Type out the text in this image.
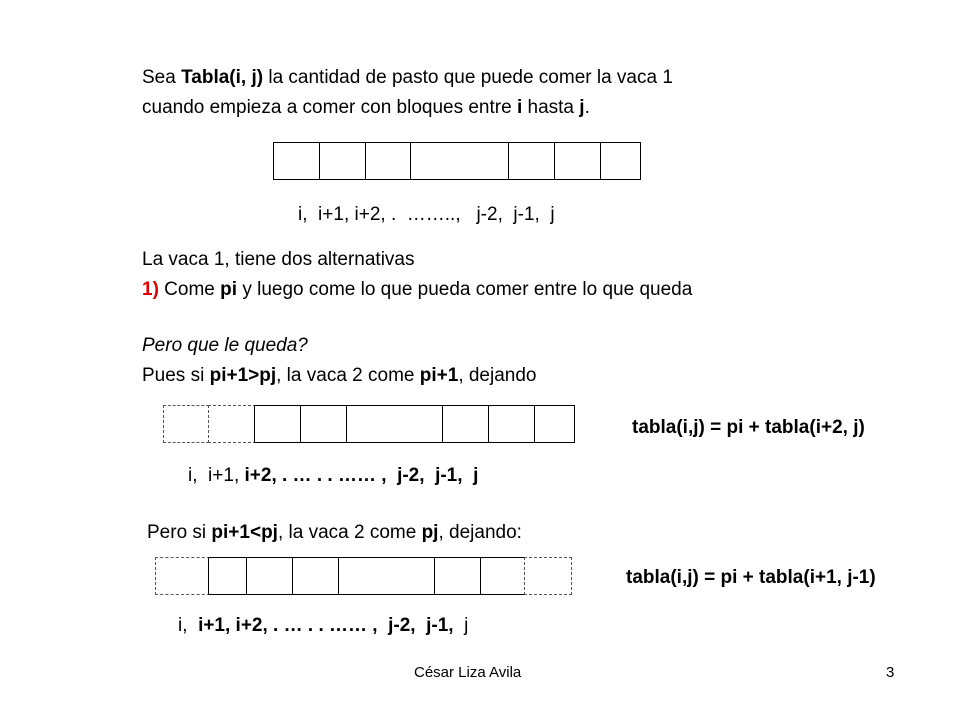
Sea Tabla(i, j) la cantidad de pasto que puede comer la vaca 1
cuando empieza a comer con bloques entre i hasta j.
i,  i+1, i+2, .  ……..,   j-2,  j-1,  j
La vaca 1, tiene dos alternativas
1) Come pi y luego come lo que pueda comer entre lo que queda
Pero que le queda?
Pues si pi+1>pj, la vaca 2 come pi+1, dejando
tabla(i,j) = pi + tabla(i+2, j)
i,  i+1, i+2, . … . . …… ,  j-2,  j-1,  j
Pero si pi+1<pj, la vaca 2 come pj, dejando:
tabla(i,j) = pi + tabla(i+1, j-1)
i,  i+1, i+2, . … . . …… ,  j-2,  j-1,  j
César Liza Avila	3
